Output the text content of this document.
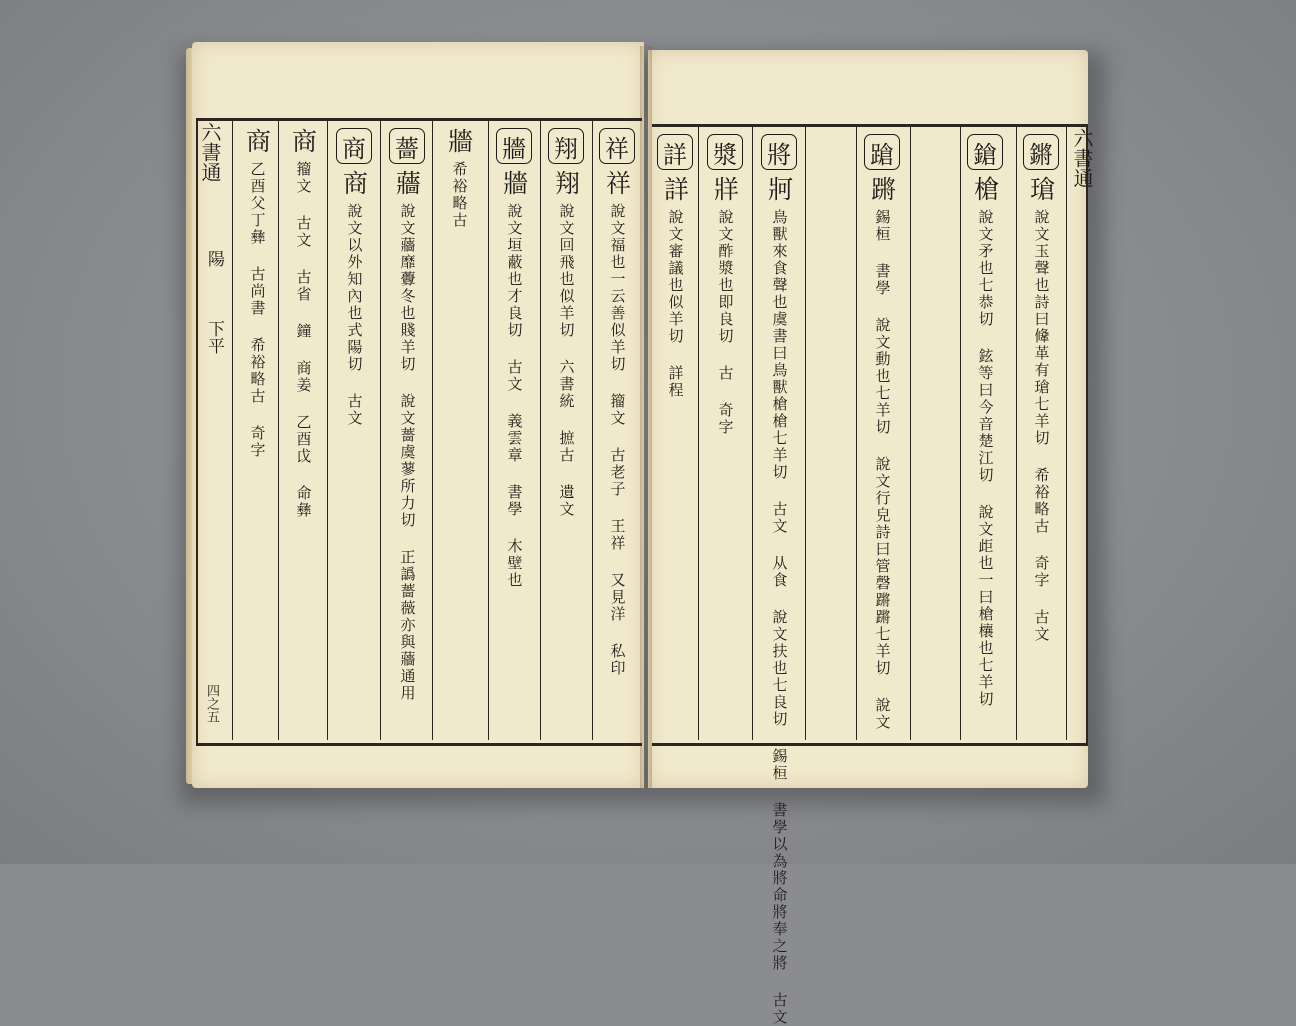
六書通
陽
下平
四之五
六書通
鏘
瑲
說文玉聲也詩曰鞗革有瑲七羊切 希裕略古 奇字 古文
鎗
槍
說文矛也七恭切 鉉等曰今音楚江切 說文歫也一曰槍欀也七羊切
蹌
蹡
錫桓 書學 說文動也七羊切 說文行皃詩曰管磬蹡蹡七羊切 說文
將
牁
鳥獸來食聲也虞書曰鳥獸槍槍七羊切 古文 从食 說文扶也七良切 錫桓 書學以為將命將奉之將 古文
漿
牂
說文酢漿也即良切 古 奇字
詳
詳
說文審議也似羊切 詳程
祥
祥
說文福也一云善似羊切 籀文 古老子 王祥 又見洋 私印
翔
翔
說文回飛也似羊切 六書統 摭古 遺文
牆
牆
說文垣蔽也才良切 古文 義雲章 書學 木壁也
牆
希裕略古
薔
蘠
說文蘠靡虋冬也賤羊切 說文薔虞蓼所力切 正譌薔薇亦與蘠通用
商
商
說文以外知內也式陽切 古文
商
籀文 古文 古省 鐘 商姜 乙酉戉 命彝
商
乙酉父丁彝 古尚書 希裕略古 奇字
